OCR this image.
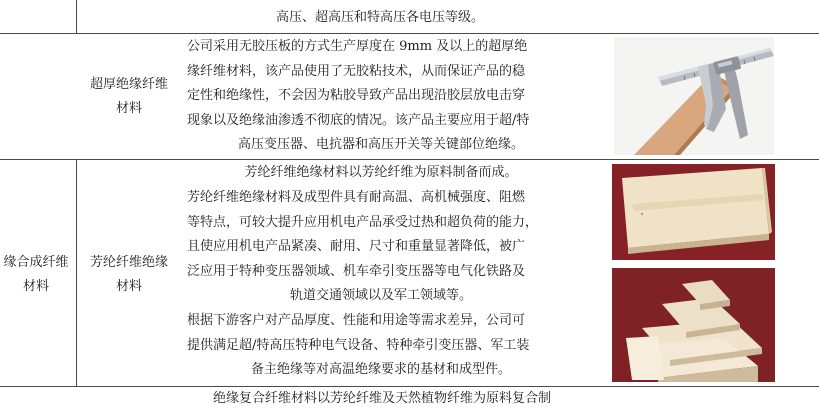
高压、超高压和特高压各电压等级。
超厚绝缘纤维
材料
公司采用无胶压板的方式生产厚度在 9mm 及以上的超厚绝
缘纤维材料，该产品使用了无胶粘技术，从而保证产品的稳
定性和绝缘性，不会因为粘胶导致产品出现沿胶层放电击穿
现象以及绝缘油渗透不彻底的情况。该产品主要应用于超/特
高压变压器、电抗器和高压开关等关键部位绝缘。
缘合成纤维
材料
芳纶纤维绝缘
材料
芳纶纤维绝缘材料以芳纶纤维为原料制备而成。
芳纶纤维绝缘材料及成型件具有耐高温、高机械强度、阻燃
等特点，可较大提升应用机电产品承受过热和超负荷的能力，
且使应用机电产品紧凑、耐用、尺寸和重量显著降低，被广
泛应用于特种变压器领域、机车牵引变压器等电气化铁路及
轨道交通领域以及军工领域等。
根据下游客户对产品厚度、性能和用途等需求差异，公司可
提供满足超/特高压特种电气设备、特种牵引变压器、军工装
备主绝缘等对高温绝缘要求的基材和成型件。
绝缘复合纤维材料以芳纶纤维及天然植物纤维为原料复合制
